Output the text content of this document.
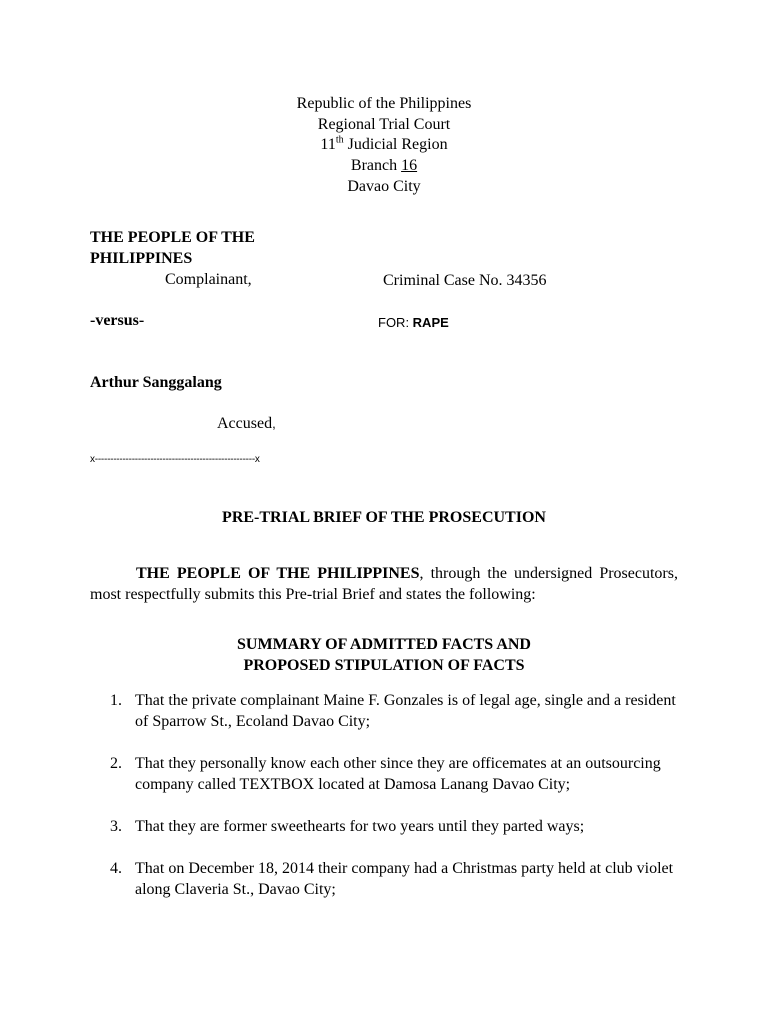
Republic of the Philippines
Regional Trial Court
11th Judicial Region
Branch 16
Davao City
THE PEOPLE OF THE
PHILIPPINES
Complainant,	Criminal Case No. 34356
-versus-	FOR: RAPE
Arthur Sanggalang
Accused,
x----------------------------------------------------x
PRE-TRIAL BRIEF OF THE PROSECUTION
THE PEOPLE OF THE PHILIPPINES, through the undersigned Prosecutors, most respectfully submits this Pre-trial Brief and states the following:
SUMMARY OF ADMITTED FACTS AND
PROPOSED STIPULATION OF FACTS
1. That the private complainant Maine F. Gonzales is of legal age, single and a resident of Sparrow St., Ecoland Davao City;
2. That they personally know each other since they are officemates at an outsourcing company called TEXTBOX located at Damosa Lanang Davao City;
3. That they are former sweethearts for two years until they parted ways;
4. That on December 18, 2014 their company had a Christmas party held at club violet along Claveria St., Davao City;
